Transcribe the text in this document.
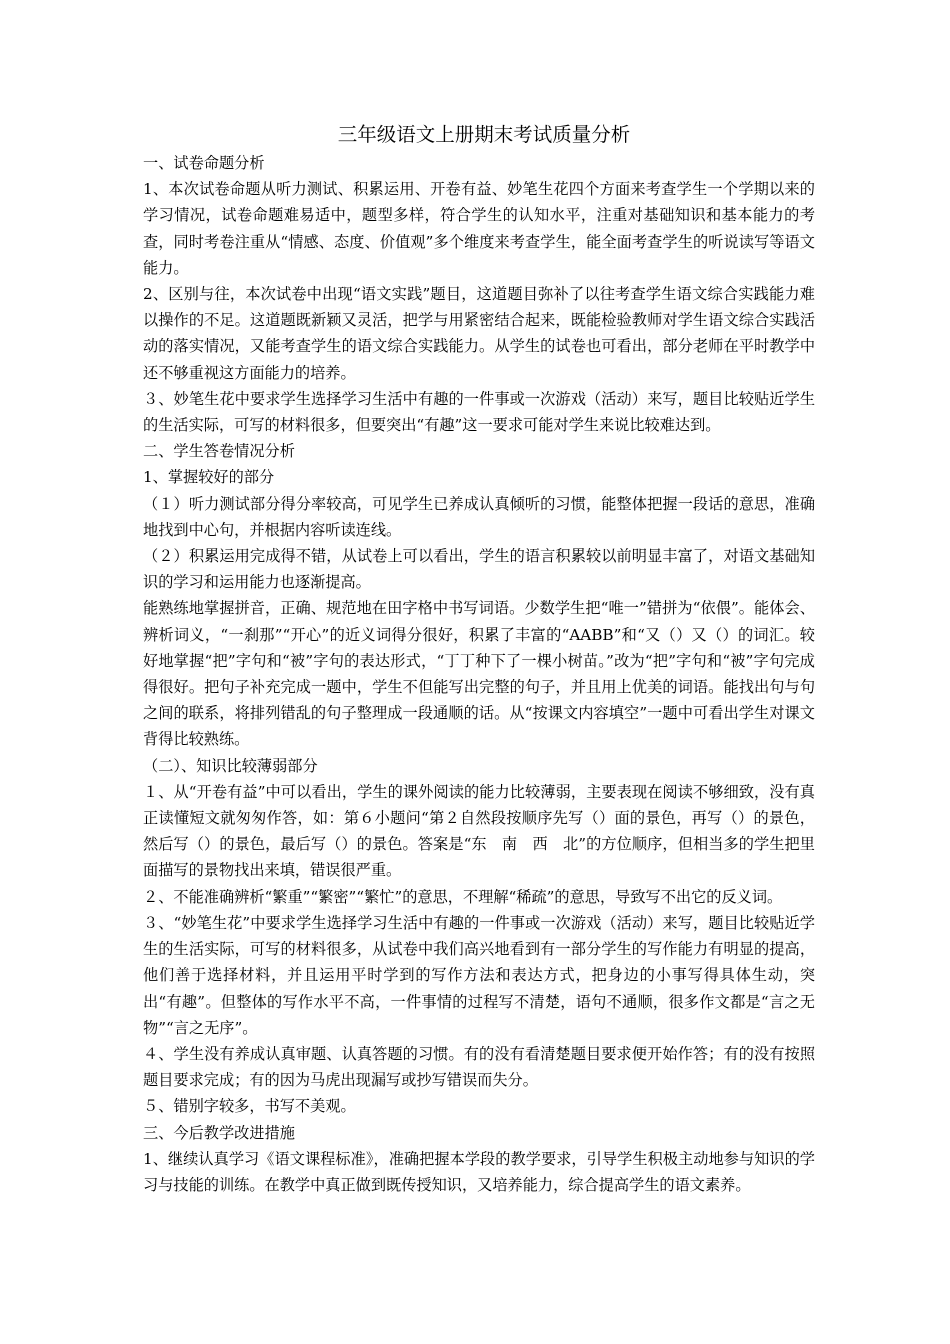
三年级语文上册期末考试质量分析
一、试卷命题分析

1、本次试卷命题从听力测试、积累运用、开卷有益、妙笔生花四个方面来考查学生一个学期以来的学习情况，试卷命题难易适中，题型多样，符合学生的认知水平，注重对基础知识和基本能力的考查，同时考卷注重从“情感、态度、价值观”多个维度来考查学生，能全面考查学生的听说读写等语文能力。

2、区别与往，本次试卷中出现“语文实践”题目，这道题目弥补了以往考查学生语文综合实践能力难以操作的不足。这道题既新颖又灵活，把学与用紧密结合起来，既能检验教师对学生语文综合实践活动的落实情况，又能考查学生的语文综合实践能力。从学生的试卷也可看出，部分老师在平时教学中还不够重视这方面能力的培养。

３、妙笔生花中要求学生选择学习生活中有趣的一件事或一次游戏（活动）来写，题目比较贴近学生的生活实际，可写的材料很多，但要突出“有趣”这一要求可能对学生来说比较难达到。

二、学生答卷情况分析
1、掌握较好的部分

（１）听力测试部分得分率较高，可见学生已养成认真倾听的习惯，能整体把握一段话的意思，准确地找到中心句，并根据内容听读连线。

（２）积累运用完成得不错，从试卷上可以看出，学生的语言积累较以前明显丰富了，对语文基础知识的学习和运用能力也逐渐提高。

能熟练地掌握拼音，正确、规范地在田字格中书写词语。少数学生把“唯一”错拼为“依偎”。能体会、辨析词义，“一刹那”“开心”的近义词得分很好，积累了丰富的“AABB”和“又（）又（）的词汇。较好地掌握“把”字句和“被”字句的表达形式，“丁丁种下了一棵小树苗。”改为“把”字句和“被”字句完成得很好。把句子补充完成一题中，学生不但能写出完整的句子，并且用上优美的词语。能找出句与句之间的联系，将排列错乱的句子整理成一段通顺的话。从“按课文内容填空”一题中可看出学生对课文背得比较熟练。

（二）、知识比较薄弱部分

１、从“开卷有益”中可以看出，学生的课外阅读的能力比较薄弱，主要表现在阅读不够细致，没有真正读懂短文就匆匆作答，如：第６小题问“第２自然段按顺序先写（）面的景色，再写（）的景色，然后写（）的景色，最后写（）的景色。答案是“东　南　西　北”的方位顺序，但相当多的学生把里面描写的景物找出来填，错误很严重。

２、不能准确辨析“繁重”“繁密”“繁忙”的意思，不理解“稀疏”的意思，导致写不出它的反义词。

３、“妙笔生花”中要求学生选择学习生活中有趣的一件事或一次游戏（活动）来写，题目比较贴近学生的生活实际，可写的材料很多，从试卷中我们高兴地看到有一部分学生的写作能力有明显的提高，他们善于选择材料，并且运用平时学到的写作方法和表达方式，把身边的小事写得具体生动，突出“有趣”。但整体的写作水平不高，一件事情的过程写不清楚，语句不通顺，很多作文都是“言之无物”“言之无序”。

４、学生没有养成认真审题、认真答题的习惯。有的没有看清楚题目要求便开始作答；有的没有按照题目要求完成；有的因为马虎出现漏写或抄写错误而失分。

５、错别字较多，书写不美观。

三、今后教学改进措施

1、继续认真学习《语文课程标准》，准确把握本学段的教学要求，引导学生积极主动地参与知识的学习与技能的训练。在教学中真正做到既传授知识，又培养能力，综合提高学生的语文素养。
